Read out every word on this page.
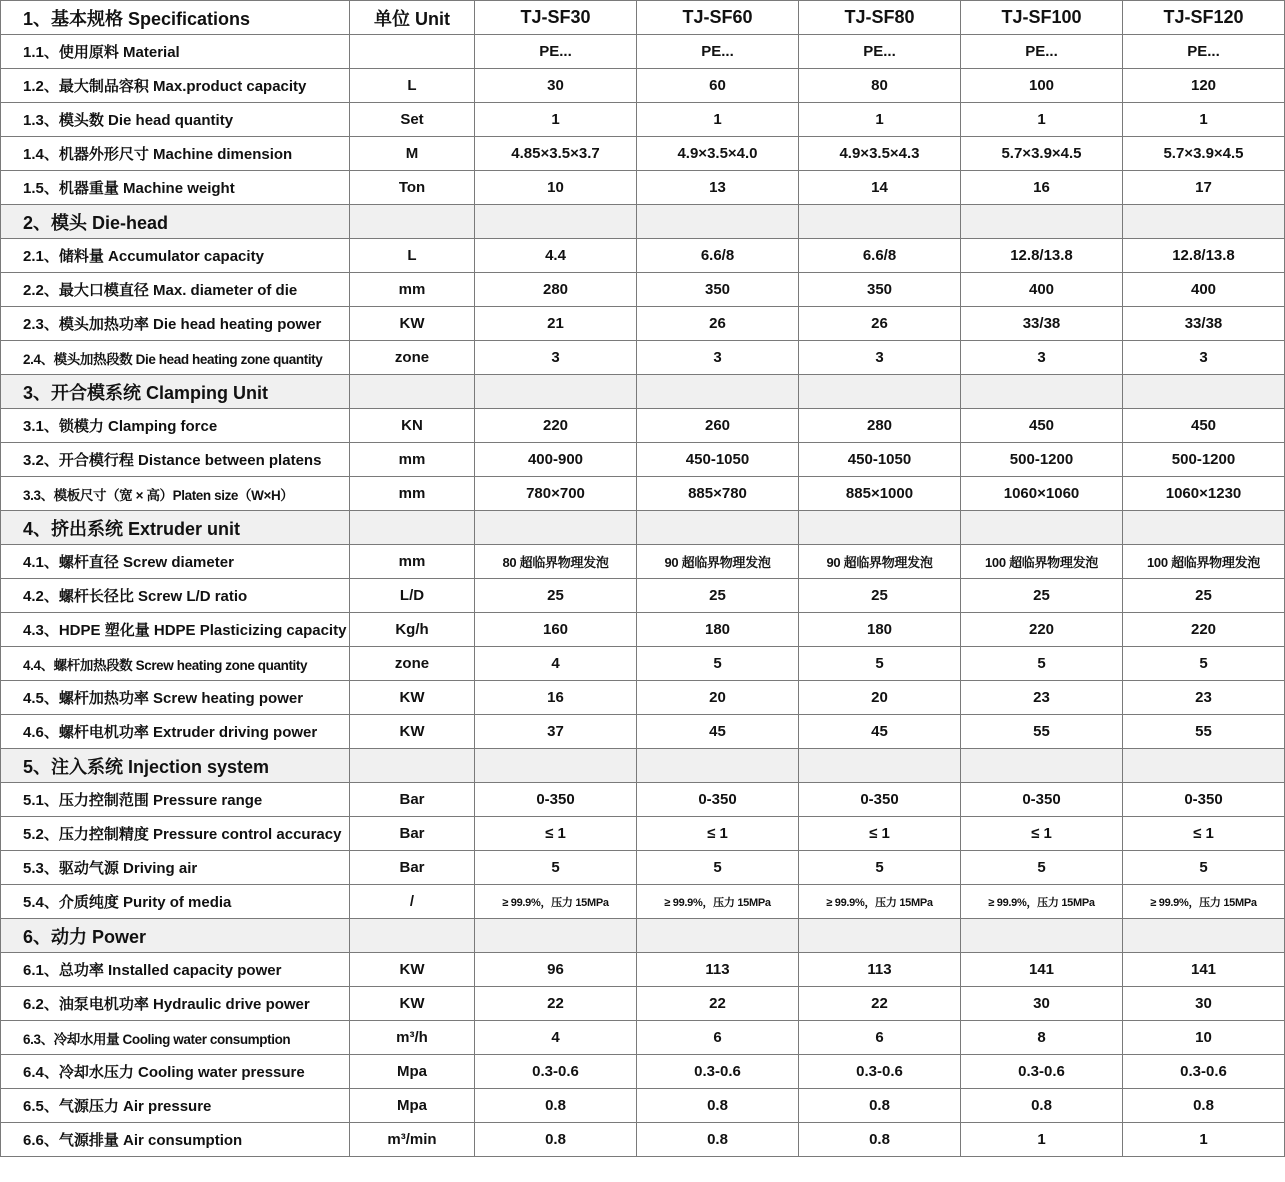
1、基本规格 Specifications	单位 Unit	TJ-SF30	TJ-SF60	TJ-SF80	TJ-SF100	TJ-SF120
1.1、使用原料 Material		PE...	PE...	PE...	PE...	PE...
1.2、最大制品容积 Max.product capacity	L	30	60	80	100	120
1.3、模头数 Die head quantity	Set	1	1	1	1	1
1.4、机器外形尺寸 Machine dimension	M	4.85×3.5×3.7	4.9×3.5×4.0	4.9×3.5×4.3	5.7×3.9×4.5	5.7×3.9×4.5
1.5、机器重量 Machine weight	Ton	10	13	14	16	17
2、模头 Die-head						
2.1、储料量 Accumulator capacity	L	4.4	6.6/8	6.6/8	12.8/13.8	12.8/13.8
2.2、最大口模直径 Max. diameter of die	mm	280	350	350	400	400
2.3、模头加热功率 Die head heating power	KW	21	26	26	33/38	33/38
2.4、模头加热段数 Die head heating zone quantity	zone	3	3	3	3	3
3、开合模系统 Clamping Unit						
3.1、锁模力 Clamping force	KN	220	260	280	450	450
3.2、开合模行程 Distance between platens	mm	400-900	450-1050	450-1050	500-1200	500-1200
3.3、模板尺寸（宽 × 高）Platen size（W×H）	mm	780×700	885×780	885×1000	1060×1060	1060×1230
4、挤出系统 Extruder unit						
4.1、螺杆直径 Screw diameter	mm	80 超临界物理发泡	90 超临界物理发泡	90 超临界物理发泡	100 超临界物理发泡	100 超临界物理发泡
4.2、螺杆长径比 Screw L/D ratio	L/D	25	25	25	25	25
4.3、HDPE 塑化量 HDPE Plasticizing capacity	Kg/h	160	180	180	220	220
4.4、螺杆加热段数 Screw heating zone quantity	zone	4	5	5	5	5
4.5、螺杆加热功率 Screw heating power	KW	16	20	20	23	23
4.6、螺杆电机功率 Extruder driving power	KW	37	45	45	55	55
5、注入系统 Injection system						
5.1、压力控制范围 Pressure range	Bar	0-350	0-350	0-350	0-350	0-350
5.2、压力控制精度 Pressure control accuracy	Bar	≤ 1	≤ 1	≤ 1	≤ 1	≤ 1
5.3、驱动气源 Driving air	Bar	5	5	5	5	5
5.4、介质纯度 Purity of media	/	≥ 99.9%，压力 15MPa	≥ 99.9%，压力 15MPa	≥ 99.9%，压力 15MPa	≥ 99.9%，压力 15MPa	≥ 99.9%，压力 15MPa
6、动力 Power						
6.1、总功率 Installed capacity power	KW	96	113	113	141	141
6.2、油泵电机功率 Hydraulic drive power	KW	22	22	22	30	30
6.3、冷却水用量 Cooling water consumption	m³/h	4	6	6	8	10
6.4、冷却水压力 Cooling water pressure	Mpa	0.3-0.6	0.3-0.6	0.3-0.6	0.3-0.6	0.3-0.6
6.5、气源压力 Air pressure	Mpa	0.8	0.8	0.8	0.8	0.8
6.6、气源排量 Air consumption	m³/min	0.8	0.8	0.8	1	1
